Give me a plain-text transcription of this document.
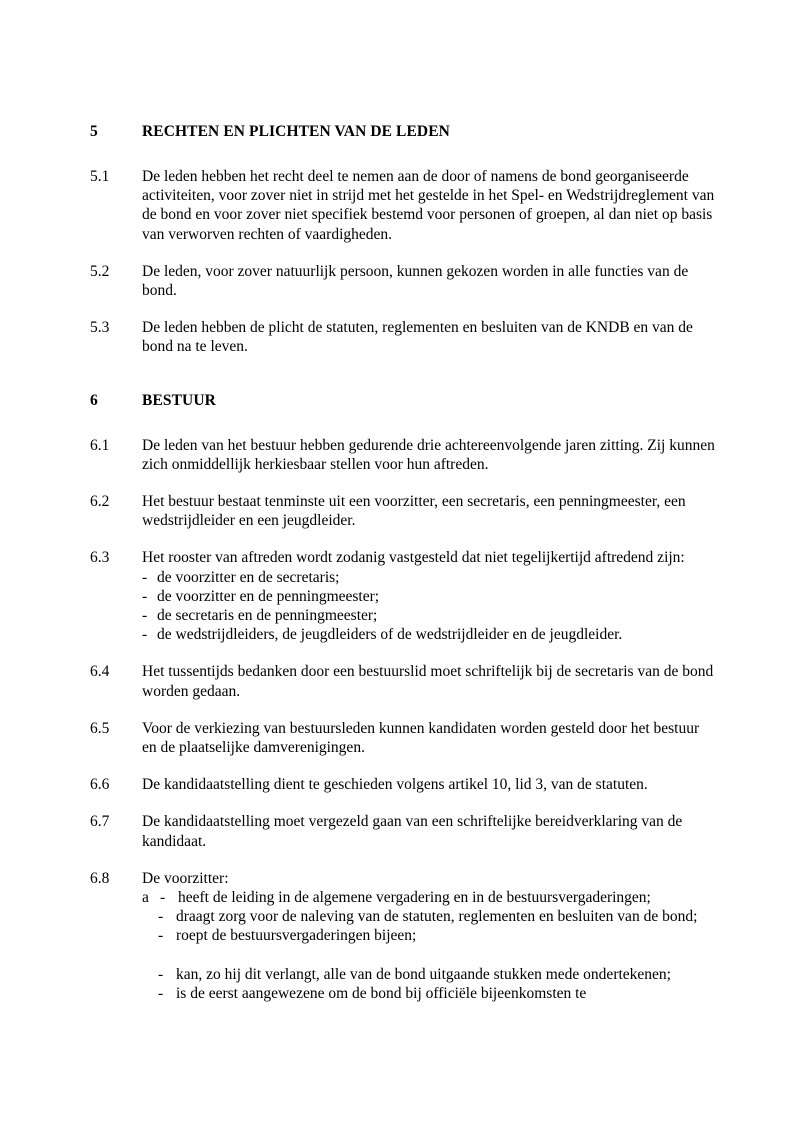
5	RECHTEN EN PLICHTEN VAN DE LEDEN
5.1	De leden hebben het recht deel te nemen aan de door of namens de bond georganiseerde activiteiten, voor zover niet in strijd met het gestelde in het Spel- en Wedstrijdreglement van de bond en voor zover niet specifiek bestemd voor personen of groepen, al dan niet op basis van verworven rechten of vaardigheden.

5.2	De leden, voor zover natuurlijk persoon, kunnen gekozen worden in alle functies van de bond.

5.3	De leden hebben de plicht de statuten, reglementen en besluiten van de KNDB en van de bond na te leven.

6	BESTUUR
6.1	De leden van het bestuur hebben gedurende drie achtereenvolgende jaren zitting. Zij kunnen zich onmiddellijk herkiesbaar stellen voor hun aftreden.

6.2	Het bestuur bestaat tenminste uit een voorzitter, een secretaris, een penningmeester, een wedstrijdleider en een jeugdleider.

6.3	Het rooster van aftreden wordt zodanig vastgesteld dat niet tegelijkertijd aftredend zijn:

- de voorzitter en de secretaris;
- de voorzitter en de penningmeester;
- de secretaris en de penningmeester;
- de wedstrijdleiders, de jeugdleiders of de wedstrijdleider en de jeugdleider.
6.4	Het tussentijds bedanken door een bestuurslid moet schriftelijk bij de secretaris van de bond worden gedaan.

6.5	Voor de verkiezing van bestuursleden kunnen kandidaten worden gesteld door het bestuur en de plaatselijke damverenigingen.

6.6	De kandidaatstelling dient te geschieden volgens artikel 10, lid 3, van de statuten.

6.7	De kandidaatstelling moet vergezeld gaan van een schriftelijke bereidverklaring van de kandidaat.

6.8	De voorzitter:

a - heeft de leiding in de algemene vergadering en in de bestuursvergaderingen;
- draagt zorg voor de naleving van de statuten, reglementen en besluiten van de bond;
- roept de bestuursvergaderingen bijeen;
- kan, zo hij dit verlangt, alle van de bond uitgaande stukken mede ondertekenen;
- is de eerst aangewezene om de bond bij officiële bijeenkomsten te
